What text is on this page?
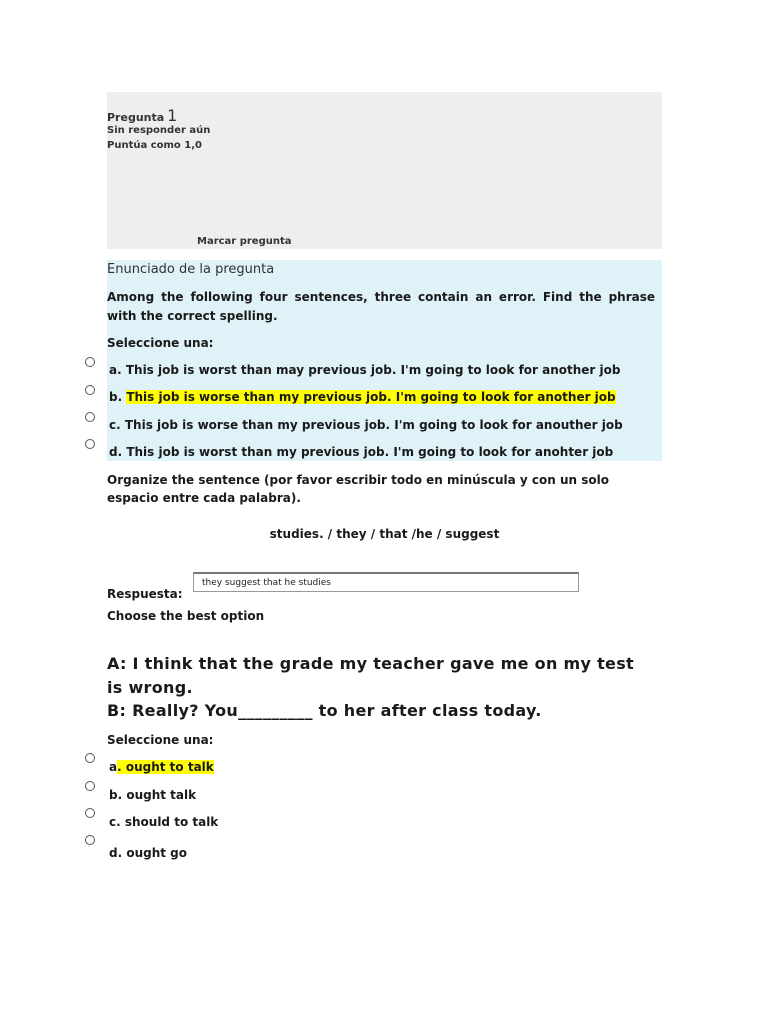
Pregunta 1
Sin responder aún
Puntúa como 1,0
Marcar pregunta
Enunciado de la pregunta
Among the following four sentences, three contain an error. Find the phrase with the correct spelling.
Seleccione una:
a. This job is worst than may previous job. I'm going to look for another job
b. This job is worse than my previous job. I'm going to look for another job
c. This job is worse than my previous job. I'm going to look for anouther job
d. This job is worst than my previous job. I'm going to look for anohter job
Organize the sentence (por favor escribir todo en minúscula y con un solo espacio entre cada palabra).
studies. / they / that /he / suggest
Respuesta:
they suggest that he studies
Choose the best option
A: I think that the grade my teacher gave me on my test is wrong.
B: Really? You_________ to her after class today.
Seleccione una:
a. ought to talk
b. ought talk
c. should to talk
d. ought go
